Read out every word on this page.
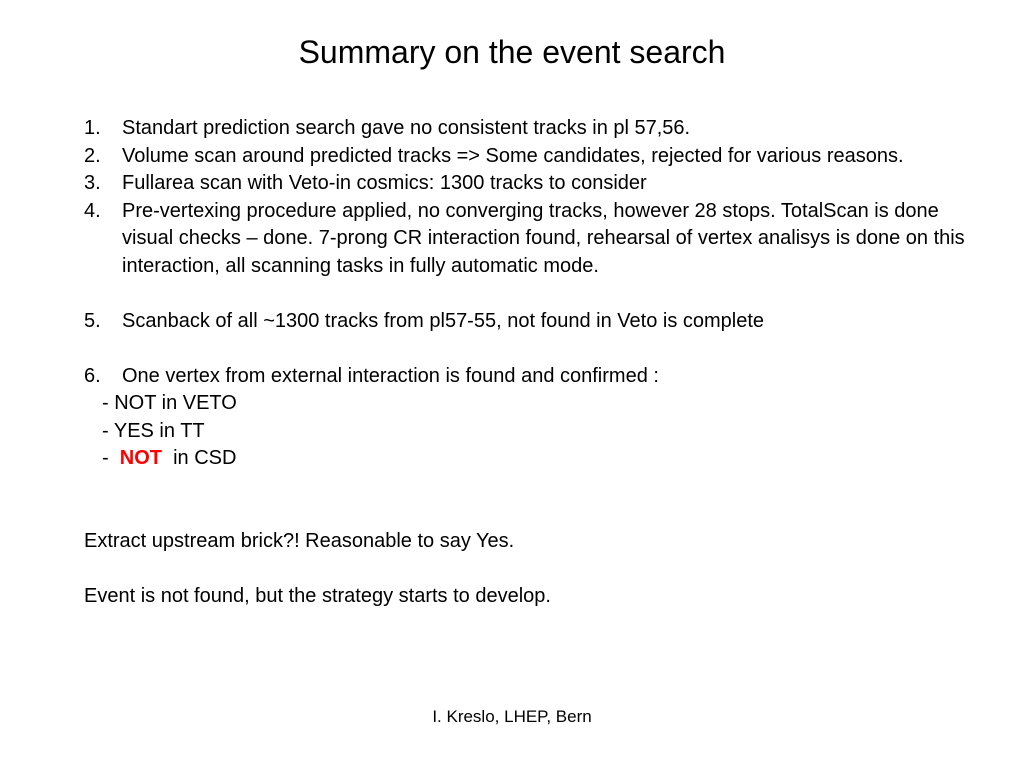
Summary on the event search
1.	Standart prediction search gave no consistent tracks in pl 57,56.
2.	Volume scan around predicted tracks => Some candidates, rejected for various reasons.
3.	Fullarea scan with Veto-in cosmics: 1300 tracks to consider
4.	Pre-vertexing procedure applied, no converging tracks, however 28 stops. TotalScan is done visual checks – done. 7-prong CR interaction found, rehearsal of vertex analisys is done on this interaction, all scanning tasks in fully automatic mode.
5.	Scanback of all ~1300 tracks from pl57-55, not found in Veto is complete
6.	One vertex from external interaction is found and confirmed :
- NOT in VETO
- YES in TT
-  NOT  in CSD
Extract upstream brick?! Reasonable to say Yes.
Event is not found, but the strategy starts to develop.
I. Kreslo, LHEP, Bern
